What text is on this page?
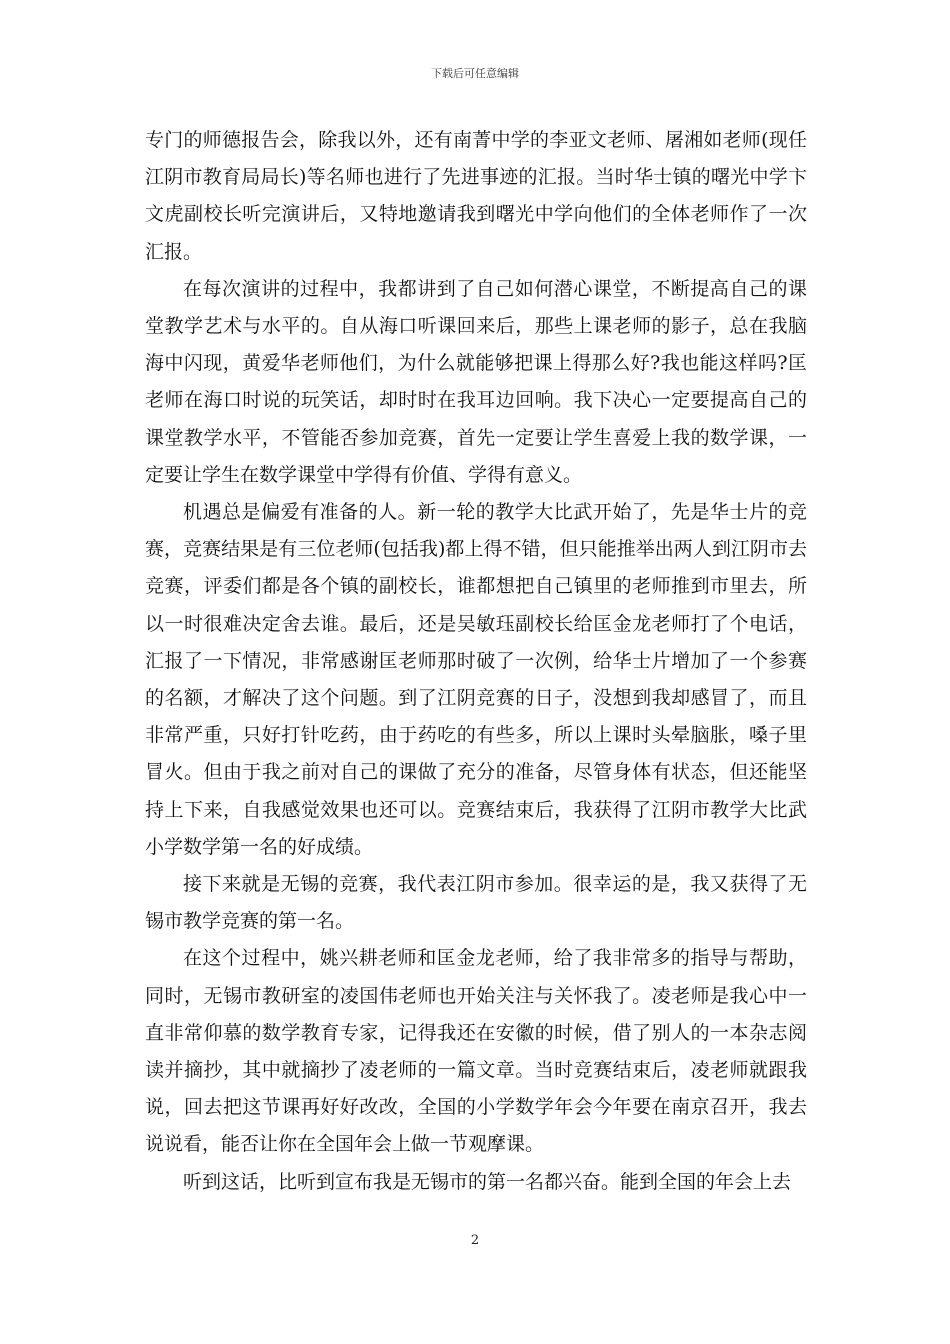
下载后可任意编辑

专门的师德报告会，除我以外，还有南菁中学的李亚文老师、屠湘如老师(现任江阴市教育局局长)等名师也进行了先进事迹的汇报。当时华士镇的曙光中学卞文虎副校长听完演讲后，又特地邀请我到曙光中学向他们的全体老师作了一次汇报。

在每次演讲的过程中，我都讲到了自己如何潜心课堂，不断提高自己的课堂教学艺术与水平的。自从海口听课回来后，那些上课老师的影子，总在我脑海中闪现，黄爱华老师他们，为什么就能够把课上得那么好?我也能这样吗?匡老师在海口时说的玩笑话，却时时在我耳边回响。我下决心一定要提高自己的课堂教学水平，不管能否参加竞赛，首先一定要让学生喜爱上我的数学课，一定要让学生在数学课堂中学得有价值、学得有意义。

机遇总是偏爱有准备的人。新一轮的教学大比武开始了，先是华士片的竞赛，竞赛结果是有三位老师(包括我)都上得不错，但只能推举出两人到江阴市去竞赛，评委们都是各个镇的副校长，谁都想把自己镇里的老师推到市里去，所以一时很难决定舍去谁。最后，还是吴敏珏副校长给匡金龙老师打了个电话，汇报了一下情况，非常感谢匡老师那时破了一次例，给华士片增加了一个参赛的名额，才解决了这个问题。到了江阴竞赛的日子，没想到我却感冒了，而且非常严重，只好打针吃药，由于药吃的有些多，所以上课时头晕脑胀，嗓子里冒火。但由于我之前对自己的课做了充分的准备，尽管身体有状态，但还能坚持上下来，自我感觉效果也还可以。竞赛结束后，我获得了江阴市教学大比武小学数学第一名的好成绩。

接下来就是无锡的竞赛，我代表江阴市参加。很幸运的是，我又获得了无锡市教学竞赛的第一名。

在这个过程中，姚兴耕老师和匡金龙老师，给了我非常多的指导与帮助，同时，无锡市教研室的凌国伟老师也开始关注与关怀我了。凌老师是我心中一直非常仰慕的数学教育专家，记得我还在安徽的时候，借了别人的一本杂志阅读并摘抄，其中就摘抄了凌老师的一篇文章。当时竞赛结束后，凌老师就跟我说，回去把这节课再好好改改，全国的小学数学年会今年要在南京召开，我去说说看，能否让你在全国年会上做一节观摩课。

听到这话，比听到宣布我是无锡市的第一名都兴奋。能到全国的年会上去

2
